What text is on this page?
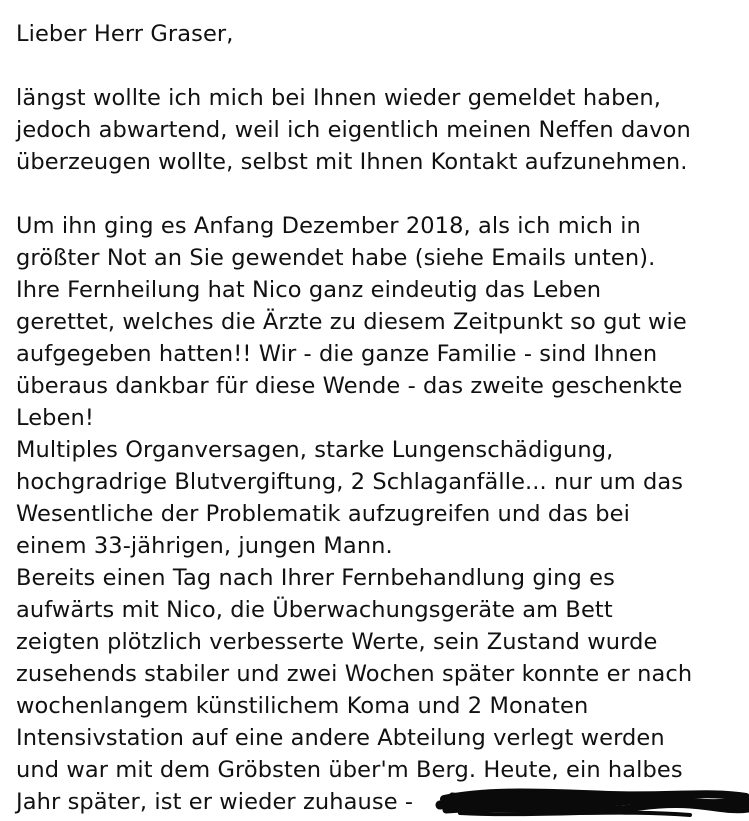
Lieber Herr Graser,
längst wollte ich mich bei Ihnen wieder gemeldet haben,
jedoch abwartend, weil ich eigentlich meinen Neffen davon
überzeugen wollte, selbst mit Ihnen Kontakt aufzunehmen.
Um ihn ging es Anfang Dezember 2018, als ich mich in
größter Not an Sie gewendet habe (siehe Emails unten).
Ihre Fernheilung hat Nico ganz eindeutig das Leben
gerettet, welches die Ärzte zu diesem Zeitpunkt so gut wie
aufgegeben hatten!! Wir - die ganze Familie - sind Ihnen
überaus dankbar für diese Wende - das zweite geschenkte
Leben!
Multiples Organversagen, starke Lungenschädigung,
hochgradrige Blutvergiftung, 2 Schlaganfälle... nur um das
Wesentliche der Problematik aufzugreifen und das bei
einem 33-jährigen, jungen Mann.
Bereits einen Tag nach Ihrer Fernbehandlung ging es
aufwärts mit Nico, die Überwachungsgeräte am Bett
zeigten plötzlich verbesserte Werte, sein Zustand wurde
zusehends stabiler und zwei Wochen später konnte er nach
wochenlangem künstilichem Koma und 2 Monaten
Intensivstation auf eine andere Abteilung verlegt werden
und war mit dem Gröbsten über'm Berg. Heute, ein halbes
Jahr später, ist er wieder zuhause -
